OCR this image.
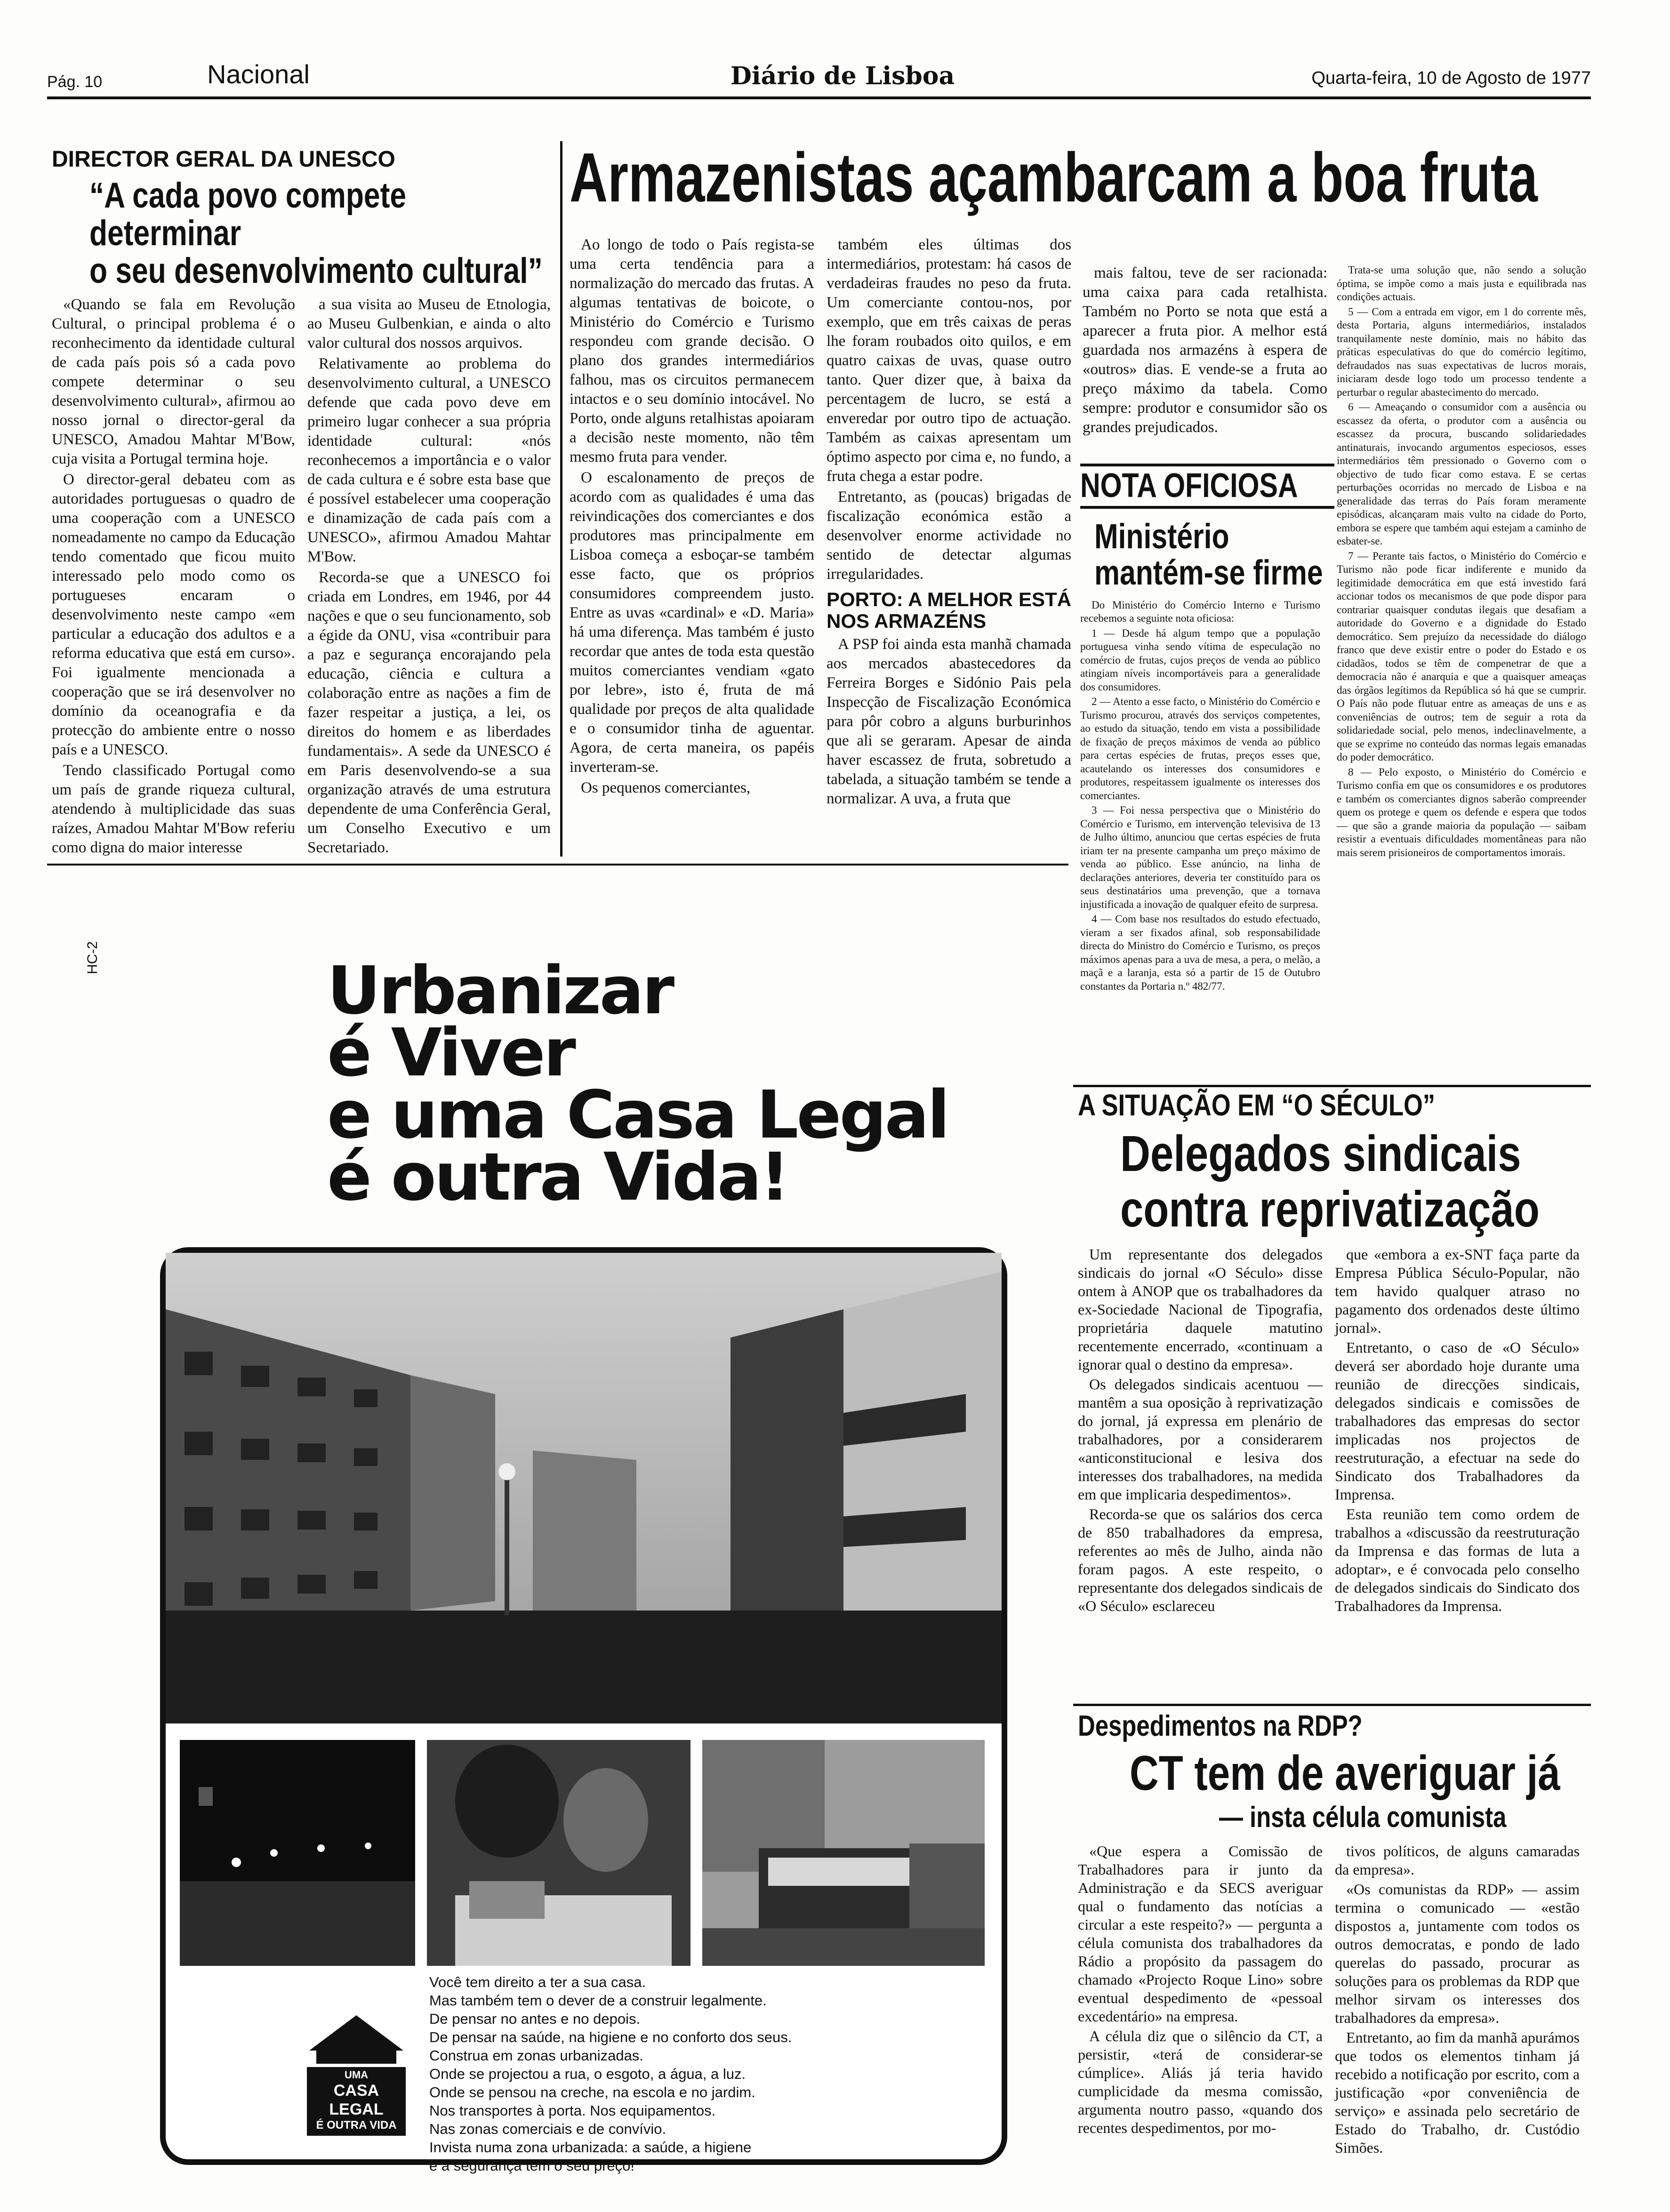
Pág. 10	Nacional	Diário de Lisboa	Quarta-feira, 10 de Agosto de 1977
DIRECTOR GERAL DA UNESCO
“A cada povo compete determinar
o seu desenvolvimento cultural”

«Quando se fala em Revolução Cultural, o principal problema é o reconhecimento da identidade cultural de cada país pois só a cada povo compete determinar o seu desenvolvimento cultural», afirmou ao nosso jornal o director-geral da UNESCO, Amadou Mahtar M'Bow, cuja visita a Portugal termina hoje.

O director-geral debateu com as autoridades portuguesas o quadro de uma cooperação com a UNESCO nomeadamente no campo da Educação tendo comentado que ficou muito interessado pelo modo como os portugueses encaram o desenvolvimento neste campo «em particular a educação dos adultos e a reforma educativa que está em curso». Foi igualmente mencionada a cooperação que se irá desenvolver no domínio da oceanografia e da protecção do ambiente entre o nosso país e a UNESCO.

Tendo classificado Portugal como um país de grande riqueza cultural, atendendo à multiplicidade das suas raízes, Amadou Mahtar M'Bow referiu como digna do maior interesse

a sua visita ao Museu de Etnologia, ao Museu Gulbenkian, e ainda o alto valor cultural dos nossos arquivos.

Relativamente ao problema do desenvolvimento cultural, a UNESCO defende que cada povo deve em primeiro lugar conhecer a sua própria identidade cultural: «nós reconhecemos a importância e o valor de cada cultura e é sobre esta base que é possível estabelecer uma cooperação e dinamização de cada país com a UNESCO», afirmou Amadou Mahtar M'Bow.

Recorda-se que a UNESCO foi criada em Londres, em 1946, por 44 nações e que o seu funcionamento, sob a égide da ONU, visa «contribuir para a paz e segurança encorajando pela educação, ciência e cultura a colaboração entre as nações a fim de fazer respeitar a justiça, a lei, os direitos do homem e as liberdades fundamentais». A sede da UNESCO é em Paris desenvolvendo-se a sua organização através de uma estrutura dependente de uma Conferência Geral, um Conselho Executivo e um Secretariado.

Armazenistas açambarcam a boa fruta

Ao longo de todo o País regista-se uma certa tendência para a normalização do mercado das frutas. A algumas tentativas de boicote, o Ministério do Comércio e Turismo respondeu com grande decisão. O plano dos grandes intermediários falhou, mas os circuitos permanecem intactos e o seu domínio intocável. No Porto, onde alguns retalhistas apoiaram a decisão neste momento, não têm mesmo fruta para vender.

O escalonamento de preços de acordo com as qualidades é uma das reivindicações dos comerciantes e dos produtores mas principalmente em Lisboa começa a esboçar-se também esse facto, que os próprios consumidores compreendem justo. Entre as uvas «cardinal» e «D. Maria» há uma diferença. Mas também é justo recordar que antes de toda esta questão muitos comerciantes vendiam «gato por lebre», isto é, fruta de má qualidade por preços de alta qualidade e o consumidor tinha de aguentar. Agora, de certa maneira, os papéis inverteram-se.

Os pequenos comerciantes,

também eles últimas dos intermediários, protestam: há casos de verdadeiras fraudes no peso da fruta. Um comerciante contou-nos, por exemplo, que em três caixas de peras lhe foram roubados oito quilos, e em quatro caixas de uvas, quase outro tanto. Quer dizer que, à baixa da percentagem de lucro, se está a enveredar por outro tipo de actuação. Também as caixas apresentam um óptimo aspecto por cima e, no fundo, a fruta chega a estar podre.

Entretanto, as (poucas) brigadas de fiscalização económica estão a desenvolver enorme actividade no sentido de detectar algumas irregularidades.

PORTO: A MELHOR ESTÁ NOS ARMAZÉNS

A PSP foi ainda esta manhã chamada aos mercados abastecedores da Ferreira Borges e Sidónio Pais pela Inspecção de Fiscalização Económica para pôr cobro a alguns burburinhos que ali se geraram. Apesar de ainda haver escassez de fruta, sobretudo a tabelada, a situação também se tende a normalizar. A uva, a fruta que

mais faltou, teve de ser racionada: uma caixa para cada retalhista. Também no Porto se nota que está a aparecer a fruta pior. A melhor está guardada nos armazéns à espera de «outros» dias. E vende-se a fruta ao preço máximo da tabela. Como sempre: produtor e consumidor são os grandes prejudicados.

NOTA OFICIOSA
Ministério
mantém-se firme

Do Ministério do Comércio Interno e Turismo recebemos a seguinte nota oficiosa:

1 — Desde há algum tempo que a população portuguesa vinha sendo vítima de especulação no comércio de frutas, cujos preços de venda ao público atingiam níveis incomportáveis para a generalidade dos consumidores.

2 — Atento a esse facto, o Ministério do Comércio e Turismo procurou, através dos serviços competentes, ao estudo da situação, tendo em vista a possibilidade de fixação de preços máximos de venda ao público para certas espécies de frutas, preços esses que, acautelando os interesses dos consumidores e produtores, respeitassem igualmente os interesses dos comerciantes.

3 — Foi nessa perspectiva que o Ministério do Comércio e Turismo, em intervenção televisiva de 13 de Julho último, anunciou que certas espécies de fruta iriam ter na presente campanha um preço máximo de venda ao público. Esse anúncio, na linha de declarações anteriores, deveria ter constituído para os seus destinatários uma prevenção, que a tornava injustificada a inovação de qualquer efeito de surpresa.

4 — Com base nos resultados do estudo efectuado, vieram a ser fixados afinal, sob responsabilidade directa do Ministro do Comércio e Turismo, os preços máximos apenas para a uva de mesa, a pera, o melão, a maçã e a laranja, esta só a partir de 15 de Outubro constantes da Portaria n.º 482/77.

Trata-se uma solução que, não sendo a solução óptima, se impõe como a mais justa e equilibrada nas condições actuais.

5 — Com a entrada em vigor, em 1 do corrente mês, desta Portaria, alguns intermediários, instalados tranquilamente neste domínio, mais no hábito das práticas especulativas do que do comércio legítimo, defraudados nas suas expectativas de lucros morais, iniciaram desde logo todo um processo tendente a perturbar o regular abastecimento do mercado.

6 — Ameaçando o consumidor com a ausência ou escassez da oferta, o produtor com a ausência ou escassez da procura, buscando solidariedades antinaturais, invocando argumentos especiosos, esses intermediários têm pressionado o Governo com o objectivo de tudo ficar como estava. E se certas perturbações ocorridas no mercado de Lisboa e na generalidade das terras do País foram meramente episódicas, alcançaram mais vulto na cidade do Porto, embora se espere que também aqui estejam a caminho de esbater-se.

7 — Perante tais factos, o Ministério do Comércio e Turismo não pode ficar indiferente e munido da legitimidade democrática em que está investido fará accionar todos os mecanismos de que pode dispor para contrariar quaisquer condutas ilegais que desafiam a autoridade do Governo e a dignidade do Estado democrático. Sem prejuízo da necessidade do diálogo franco que deve existir entre o poder do Estado e os cidadãos, todos se têm de compenetrar de que a democracia não é anarquia e que a quaisquer ameaças das órgãos legítimos da República só há que se cumprir. O País não pode flutuar entre as ameaças de uns e as conveniências de outros; tem de seguir a rota da solidariedade social, pelo menos, indeclinavelmente, a que se exprime no conteúdo das normas legais emanadas do poder democrático.

8 — Pelo exposto, o Ministério do Comércio e Turismo confia em que os consumidores e os produtores e também os comerciantes dignos saberão compreender quem os protege e quem os defende e espera que todos — que são a grande maioria da população — saibam resistir a eventuais dificuldades momentâneas para não mais serem prisioneiros de comportamentos imorais.

A SITUAÇÃO EM “O SÉCULO”
Delegados sindicais
contra reprivatização

Um representante dos delegados sindicais do jornal «O Século» disse ontem à ANOP que os trabalhadores da ex-Sociedade Nacional de Tipografia, proprietária daquele matutino recentemente encerrado, «continuam a ignorar qual o destino da empresa».

Os delegados sindicais acentuou — mantêm a sua oposição à reprivatização do jornal, já expressa em plenário de trabalhadores, por a considerarem «anticonstitucional e lesiva dos interesses dos trabalhadores, na medida em que implicaria despedimentos».

Recorda-se que os salários dos cerca de 850 trabalhadores da empresa, referentes ao mês de Julho, ainda não foram pagos. A este respeito, o representante dos delegados sindicais de «O Século» esclareceu

que «embora a ex-SNT faça parte da Empresa Pública Século-Popular, não tem havido qualquer atraso no pagamento dos ordenados deste último jornal».

Entretanto, o caso de «O Século» deverá ser abordado hoje durante uma reunião de direcções sindicais, delegados sindicais e comissões de trabalhadores das empresas do sector implicadas nos projectos de reestruturação, a efectuar na sede do Sindicato dos Trabalhadores da Imprensa.

Esta reunião tem como ordem de trabalhos a «discussão da reestruturação da Imprensa e das formas de luta a adoptar», e é convocada pelo conselho de delegados sindicais do Sindicato dos Trabalhadores da Imprensa.

Despedimentos na RDP?
CT tem de averiguar já
— insta célula comunista

«Que espera a Comissão de Trabalhadores para ir junto da Administração e da SECS averiguar qual o fundamento das notícias a circular a este respeito?» — pergunta a célula comunista dos trabalhadores da Rádio a propósito da passagem do chamado «Projecto Roque Lino» sobre eventual despedimento de «pessoal excedentário» na empresa.

A célula diz que o silêncio da CT, a persistir, «terá de considerar-se cúmplice». Aliás já teria havido cumplicidade da mesma comissão, argumenta noutro passo, «quando dos recentes despedimentos, por mo-

tivos políticos, de alguns camaradas da empresa».

«Os comunistas da RDP» — assim termina o comunicado — «estão dispostos a, juntamente com todos os outros democratas, e pondo de lado querelas do passado, procurar as soluções para os problemas da RDP que melhor sirvam os interesses dos trabalhadores da empresa».

Entretanto, ao fim da manhã apurámos que todos os elementos tinham já recebido a notificação por escrito, com a justificação «por conveniência de serviço» e assinada pelo secretário de Estado do Trabalho, dr. Custódio Simões.

HC-2	Urbanizar
é Viver
e uma Casa Legal
é outra Vida!
Você tem direito a ter a sua casa.
Mas também tem o dever de a construir legalmente.
De pensar no antes e no depois.
De pensar na saúde, na higiene e no conforto dos seus.
Construa em zonas urbanizadas.
Onde se projectou a rua, o esgoto, a água, a luz.
Onde se pensou na creche, na escola e no jardim.
Nos transportes à porta. Nos equipamentos.
Nas zonas comerciais e de convívio.
Invista numa zona urbanizada: a saúde, a higiene
e a segurança têm o seu preço!
UMA
CASA LEGAL
É OUTRA VIDA
